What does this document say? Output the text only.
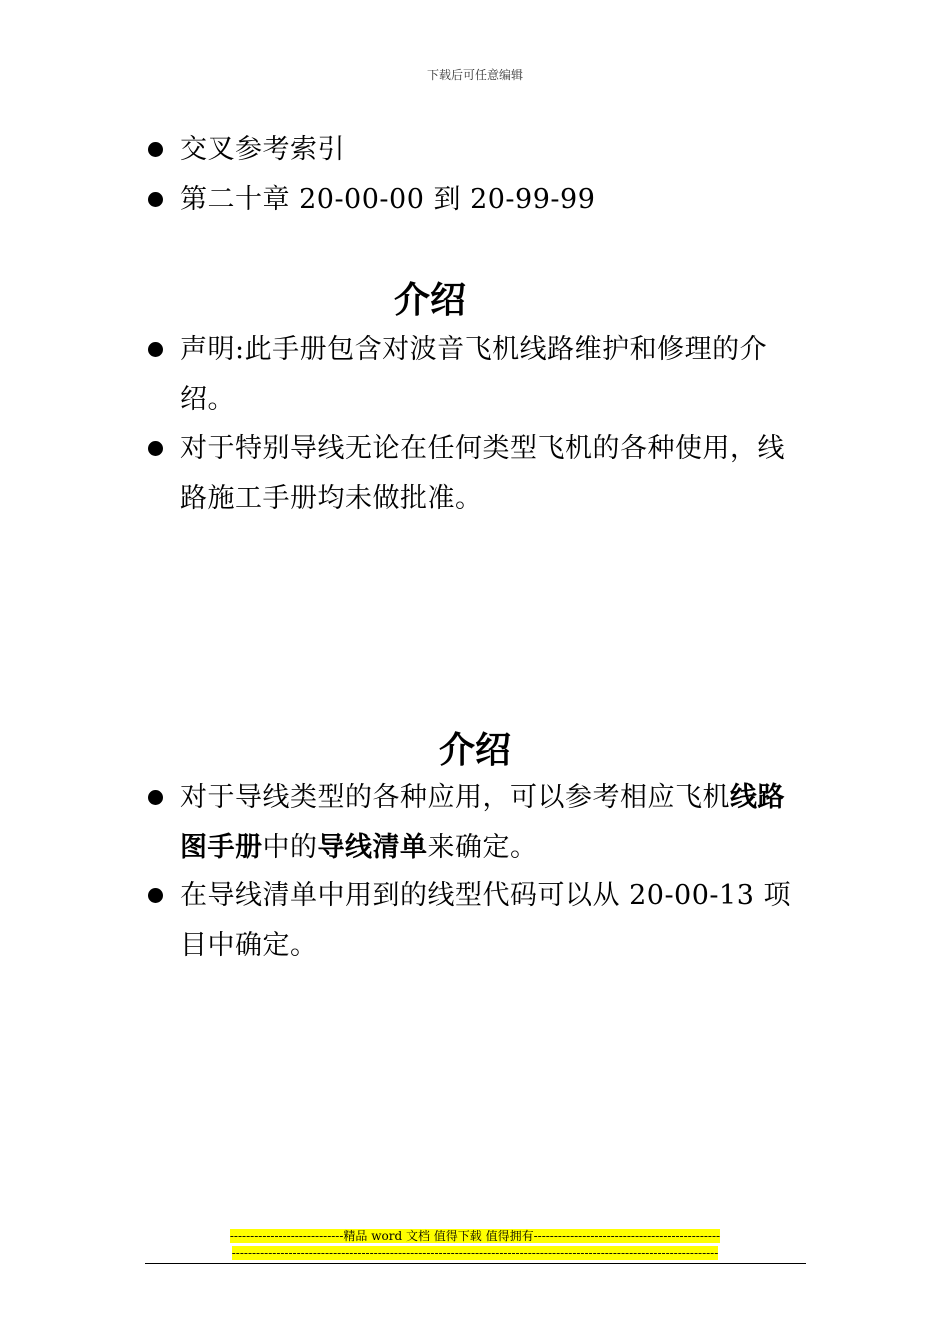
下载后可任意编辑
交叉参考索引
第二十章 20-00-00 到 20-99-99
介绍
声明:此手册包含对波音飞机线路维护和修理的介绍。
对于特别导线无论在任何类型飞机的各种使用，线路施工手册均未做批准。
介绍
对于导线类型的各种应用，可以参考相应飞机线路图手册中的导线清单来确定。
在导线清单中用到的线型代码可以从 20-00-13 项目中确定。
----------------------------精品 word 文档 值得下载 值得拥有----------------------------------------------
------------------------------------------------------------------------------------------------------------------------
